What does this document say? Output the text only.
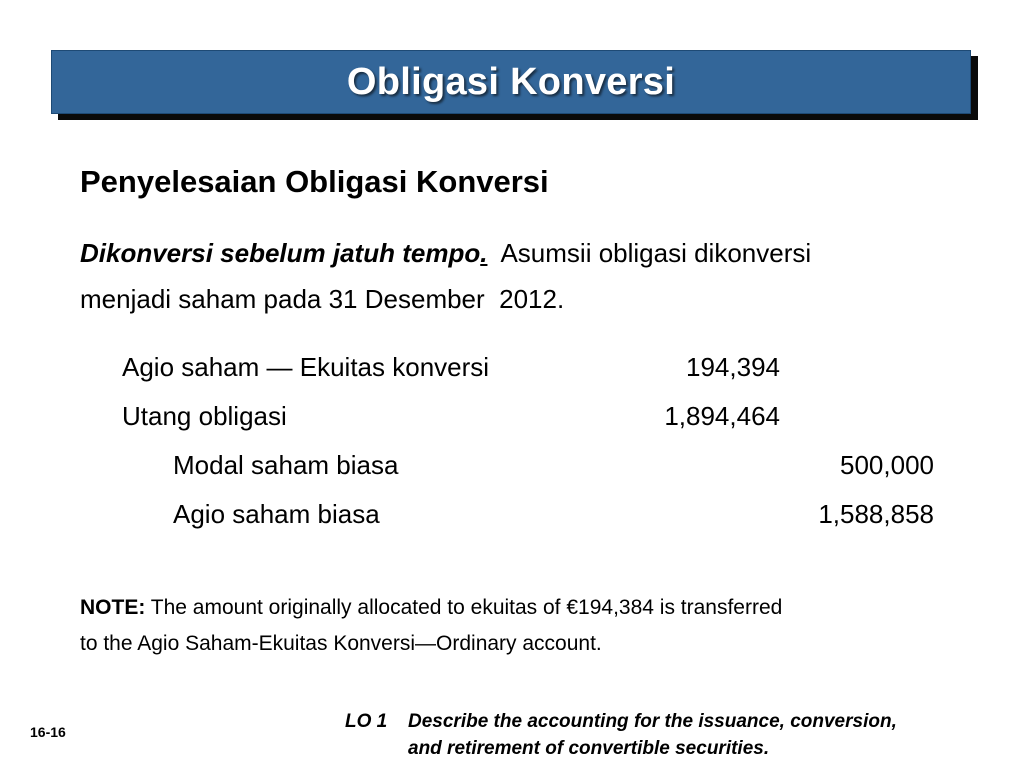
Obligasi Konversi
Penyelesaian Obligasi Konversi
Dikonversi sebelum jatuh tempo.  Asumsii obligasi dikonversi
menjadi saham pada 31 Desember  2012.
Agio saham — Ekuitas konversi	194,394
Utang obligasi	1,894,464
Modal saham biasa	500,000
Agio saham biasa	1,588,858
NOTE: The amount originally allocated to ekuitas of €194,384 is transferred
to the Agio Saham-Ekuitas Konversi—Ordinary account.
16-16	LO 1 Describe the accounting for the issuance, conversion,
and retirement of convertible securities.
